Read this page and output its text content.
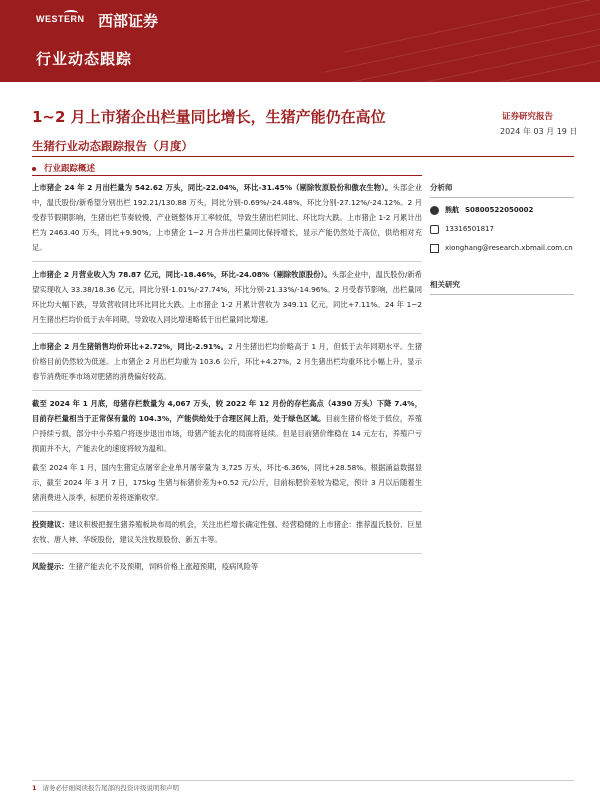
WESTERN 西部证券
行业动态跟踪
1~2 月上市猪企出栏量同比增长，生猪产能仍在高位
生猪行业动态跟踪报告（月度）
证券研究报告
2024 年 03 月 19 日
行业跟踪概述

上市猪企 24 年 2 月出栏量为 542.62 万头，同比-22.04%，环比-31.45%（剔除牧原股份和傲农生物）。头部企业中，温氏股份/新希望分别出栏 192.21/130.88 万头，同比分别-0.69%/-24.48%，环比分别-27.12%/-24.12%。2 月受春节假期影响，生猪出栏节奏较慢，产业链整体开工率较低，导致生猪出栏同比、环比均大跌。上市猪企 1-2 月累计出栏为 2463.40 万头，同比+9.90%。上市猪企 1~2 月合并出栏量同比保持增长，显示产能仍然处于高位，供给相对充足。

上市猪企 2 月营业收入为 78.87 亿元，同比-18.46%，环比-24.08%（剔除牧原股份）。头部企业中，温氏股份/新希望实现收入 33.38/18.36 亿元，同比分别-1.01%/-27.74%，环比分别-21.33%/-14.96%。2 月受春节影响，出栏量同环比均大幅下跌，导致营收同比环比同比大跌。上市猪企 1-2 月累计营收为 349.11 亿元，同比+7.11%。24 年 1~2 月生猪出栏均价低于去年同期，导致收入同比增速略低于出栏量同比增速。

上市猪企 2 月生猪销售均价环比+2.72%，同比-2.91%。2 月生猪出栏均价略高于 1 月，但低于去年同期水平。生猪价格目前仍然较为低迷。上市猪企 2 月出栏均重为 103.6 公斤，环比+4.27%，2 月生猪出栏均重环比小幅上升，显示春节消费旺季市场对肥猪的消费偏好较高。

截至 2024 年 1 月底，母猪存栏数量为 4,067 万头，较 2022 年 12 月份的存栏高点（4390 万头）下降 7.4%，目前存栏量相当于正常保有量的 104.3%，产能供给处于合理区间上沿，处于绿色区域。目前生猪价格处于低位，养殖户持续亏损，部分中小养殖户将逐步退出市场，母猪产能去化的局面将延续。但是目前猪价维稳在 14 元左右，养殖户亏损面并不大，产能去化的速度将较为温和。

截至 2024 年 1 月，国内生猪定点屠宰企业单月屠宰量为 3,725 万头，环比-6.36%，同比+28.58%。根据涌益数据显示，截至 2024 年 3 月 7 日，175kg 生猪与标猪价差为+0.52 元/公斤，目前标肥价差较为稳定，预计 3 月以后随着生猪消费进入淡季，标肥价差将逐渐收窄。

投资建议：建议积极把握生猪养殖板块布局的机会，关注出栏增长确定性强、经营稳健的上市猪企：推荐温氏股份、巨星农牧、唐人神、华统股份，建议关注牧原股份、新五丰等。

风险提示：生猪产能去化不及预期，饲料价格上涨超预期，疫病风险等

分析师
熊航 S0800522050002
13316501817
xionghang@research.xbmail.com.cn
相关研究
1 请务必仔细阅读报告尾部的投资评级说明和声明
